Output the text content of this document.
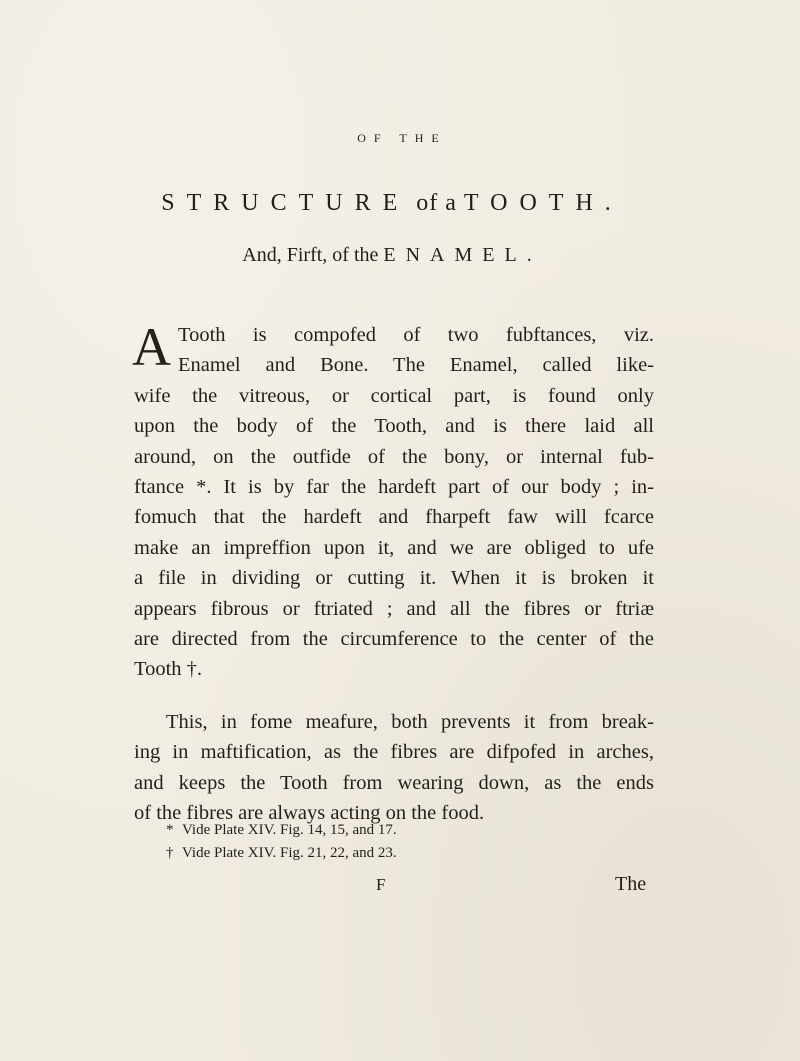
OF THE
STRUCTURE of a TOOTH.
And, Firft, of the ENAMEL.
A Tooth is compofed of two fubftances, viz.
Enamel and Bone. The Enamel, called like-
wife the vitreous, or cortical part, is found only
upon the body of the Tooth, and is there laid all
around, on the outfide of the bony, or internal fub-
ftance *. It is by far the hardeft part of our body ; in-
fomuch that the hardeft and fharpeft faw will fcarce
make an impreffion upon it, and we are obliged to ufe
a file in dividing or cutting it. When it is broken it
appears fibrous or ftriated ; and all the fibres or ftriæ
are directed from the circumference to the center of the
Tooth †.
This, in fome meafure, both prevents it from break-
ing in maftification, as the fibres are difpofed in arches,
and keeps the Tooth from wearing down, as the ends
of the fibres are always acting on the food.
* Vide Plate XIV. Fig. 14, 15, and 17.
† Vide Plate XIV. Fig. 21, 22, and 23.
F	The
